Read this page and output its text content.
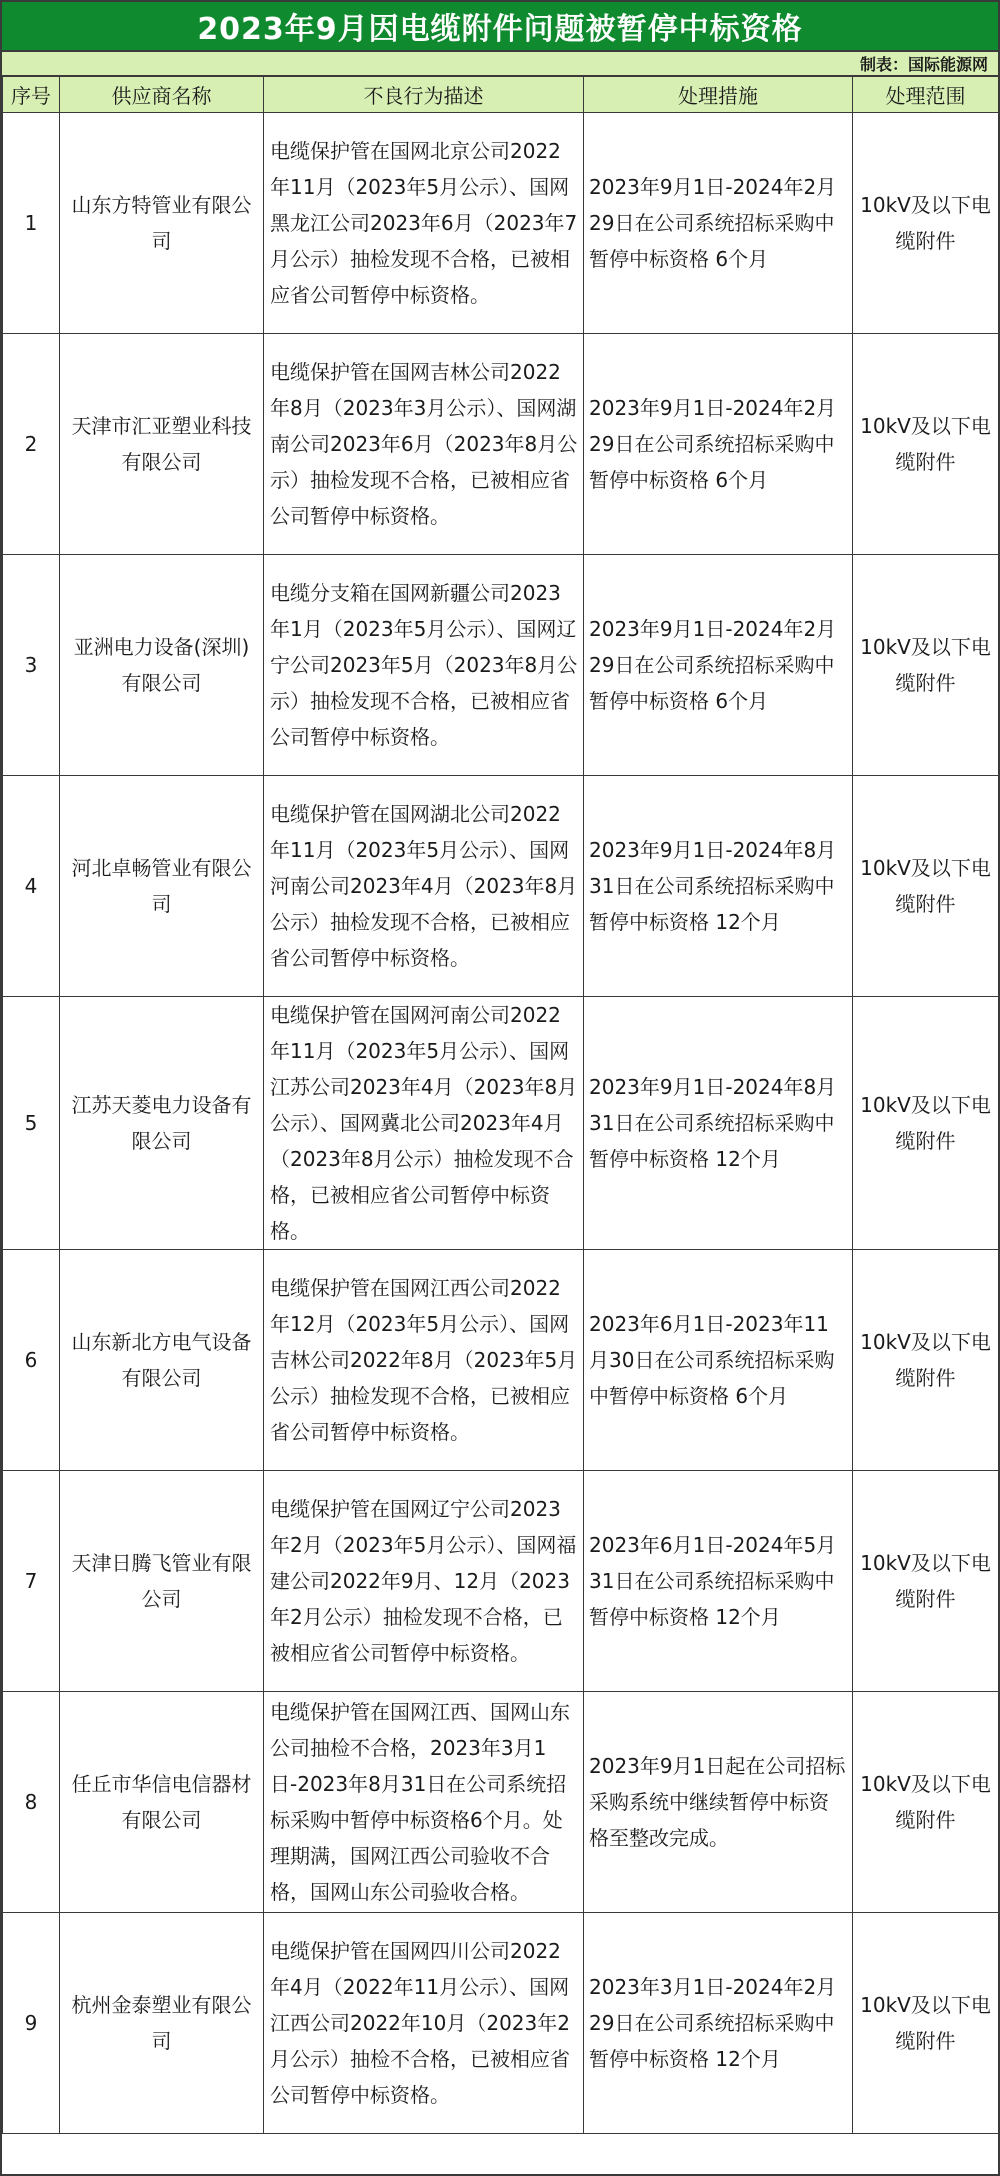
2023年9月因电缆附件问题被暂停中标资格
制表：国际能源网
序号	供应商名称	不良行为描述	处理措施	处理范围
1	山东方特管业有限公司	电缆保护管在国网北京公司2022年11月（2023年5月公示）、国网黑龙江公司2023年6月（2023年7月公示）抽检发现不合格，已被相应省公司暂停中标资格。	2023年9月1日-2024年2月29日在公司系统招标采购中暂停中标资格 6个月	10kV及以下电缆附件
2	天津市汇亚塑业科技有限公司	电缆保护管在国网吉林公司2022年8月（2023年3月公示）、国网湖南公司2023年6月（2023年8月公示）抽检发现不合格，已被相应省公司暂停中标资格。	2023年9月1日-2024年2月29日在公司系统招标采购中暂停中标资格 6个月	10kV及以下电缆附件
3	亚洲电力设备(深圳)有限公司	电缆分支箱在国网新疆公司2023年1月（2023年5月公示）、国网辽宁公司2023年5月（2023年8月公示）抽检发现不合格，已被相应省公司暂停中标资格。	2023年9月1日-2024年2月29日在公司系统招标采购中暂停中标资格 6个月	10kV及以下电缆附件
4	河北卓畅管业有限公司	电缆保护管在国网湖北公司2022年11月（2023年5月公示）、国网河南公司2023年4月（2023年8月公示）抽检发现不合格，已被相应省公司暂停中标资格。	2023年9月1日-2024年8月31日在公司系统招标采购中暂停中标资格 12个月	10kV及以下电缆附件
5	江苏天菱电力设备有限公司	电缆保护管在国网河南公司2022年11月（2023年5月公示）、国网江苏公司2023年4月（2023年8月公示）、国网冀北公司2023年4月（2023年8月公示）抽检发现不合格，已被相应省公司暂停中标资格。	2023年9月1日-2024年8月31日在公司系统招标采购中暂停中标资格 12个月	10kV及以下电缆附件
6	山东新北方电气设备有限公司	电缆保护管在国网江西公司2022年12月（2023年5月公示）、国网吉林公司2022年8月（2023年5月公示）抽检发现不合格，已被相应省公司暂停中标资格。	2023年6月1日-2023年11月30日在公司系统招标采购中暂停中标资格 6个月	10kV及以下电缆附件
7	天津日腾飞管业有限公司	电缆保护管在国网辽宁公司2023年2月（2023年5月公示）、国网福建公司2022年9月、12月（2023年2月公示）抽检发现不合格，已被相应省公司暂停中标资格。	2023年6月1日-2024年5月31日在公司系统招标采购中暂停中标资格 12个月	10kV及以下电缆附件
8	任丘市华信电信器材有限公司	电缆保护管在国网江西、国网山东公司抽检不合格，2023年3月1日-2023年8月31日在公司系统招标采购中暂停中标资格6个月。处理期满，国网江西公司验收不合格，国网山东公司验收合格。	2023年9月1日起在公司招标采购系统中继续暂停中标资格至整改完成。	10kV及以下电缆附件
9	杭州金泰塑业有限公司	电缆保护管在国网四川公司2022年4月（2022年11月公示）、国网江西公司2022年10月（2023年2月公示）抽检不合格，已被相应省公司暂停中标资格。	2023年3月1日-2024年2月29日在公司系统招标采购中暂停中标资格 12个月	10kV及以下电缆附件
